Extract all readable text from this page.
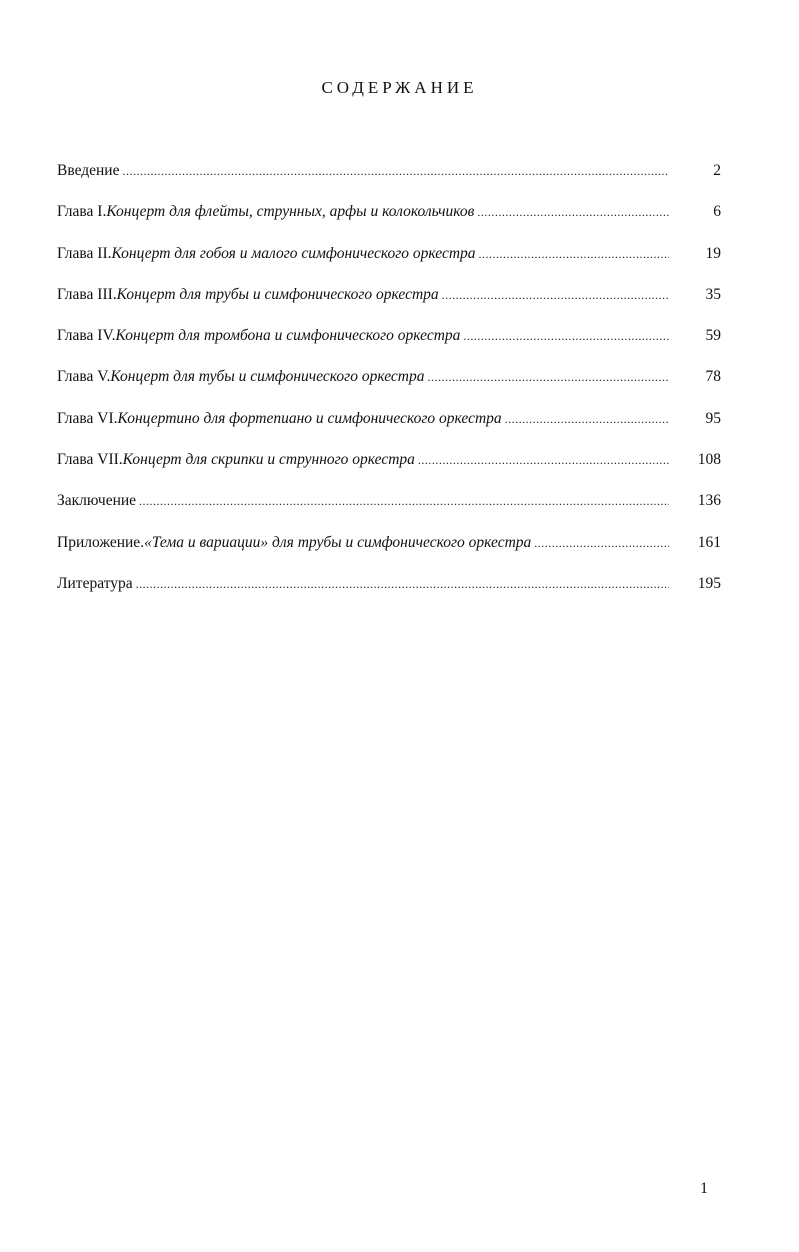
СОДЕРЖАНИЕ
Введение .....	2
Глава I. Концерт для флейты, струнных, арфы и колокольчиков .....	6
Глава II. Концерт для гобоя и малого симфонического оркестра .....	19
Глава III. Концерт для трубы и симфонического оркестра .....	35
Глава IV. Концерт для тромбона и симфонического оркестра .....	59
Глава V. Концерт для тубы и симфонического оркестра .....	78
Глава VI. Концертино для фортепиано и симфонического оркестра .....	95
Глава VII. Концерт для скрипки и струнного оркестра .....	108
Заключение .....	136
Приложение. «Тема и вариации» для трубы и симфонического оркестра .....	161
Литература .....	195
1
